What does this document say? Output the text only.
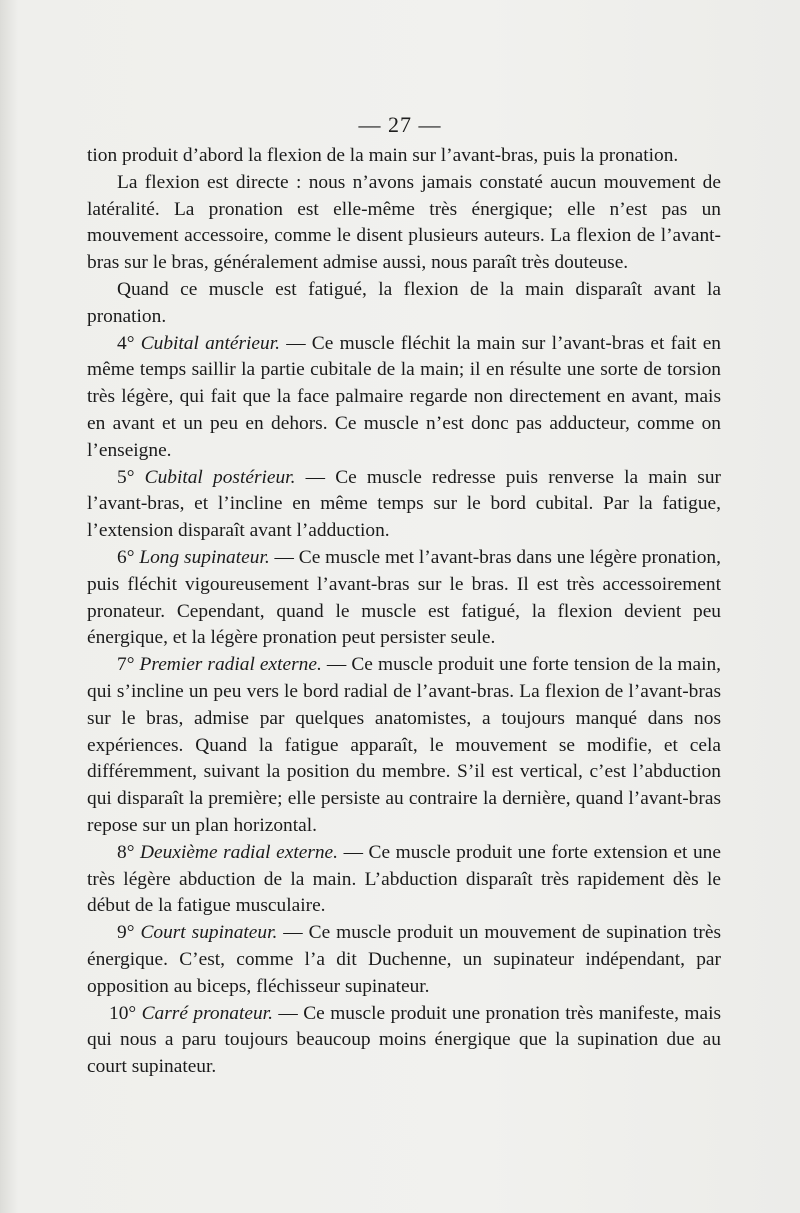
— 27 —

tion produit d’abord la flexion de la main sur l’avant-bras, puis la pronation.

La flexion est directe : nous n’avons jamais constaté aucun mouvement de latéralité. La pronation est elle-même très énergique; elle n’est pas un mouvement accessoire, comme le disent plusieurs auteurs. La flexion de l’avant-bras sur le bras, généralement admise aussi, nous paraît très douteuse.

Quand ce muscle est fatigué, la flexion de la main disparaît avant la pronation.

4° Cubital antérieur. — Ce muscle fléchit la main sur l’avant-bras et fait en même temps saillir la partie cubitale de la main; il en résulte une sorte de torsion très légère, qui fait que la face palmaire regarde non directement en avant, mais en avant et un peu en dehors. Ce muscle n’est donc pas adducteur, comme on l’enseigne.

5° Cubital postérieur. — Ce muscle redresse puis renverse la main sur l’avant-bras, et l’incline en même temps sur le bord cubital. Par la fatigue, l’extension disparaît avant l’adduction.

6° Long supinateur. — Ce muscle met l’avant-bras dans une légère pronation, puis fléchit vigoureusement l’avant-bras sur le bras. Il est très accessoirement pronateur. Cependant, quand le muscle est fatigué, la flexion devient peu énergique, et la légère pronation peut persister seule.

7° Premier radial externe. — Ce muscle produit une forte tension de la main, qui s’incline un peu vers le bord radial de l’avant-bras. La flexion de l’avant-bras sur le bras, admise par quelques anatomistes, a toujours manqué dans nos expériences. Quand la fatigue apparaît, le mouvement se modifie, et cela différemment, suivant la position du membre. S’il est vertical, c’est l’abduction qui disparaît la première; elle persiste au contraire la dernière, quand l’avant-bras repose sur un plan horizontal.

8° Deuxième radial externe. — Ce muscle produit une forte extension et une très légère abduction de la main. L’abduction disparaît très rapidement dès le début de la fatigue musculaire.

9° Court supinateur. — Ce muscle produit un mouvement de supination très énergique. C’est, comme l’a dit Duchenne, un supinateur indépendant, par opposition au biceps, fléchisseur supinateur.

10° Carré pronateur. — Ce muscle produit une pronation très manifeste, mais qui nous a paru toujours beaucoup moins énergique que la supination due au court supinateur.
